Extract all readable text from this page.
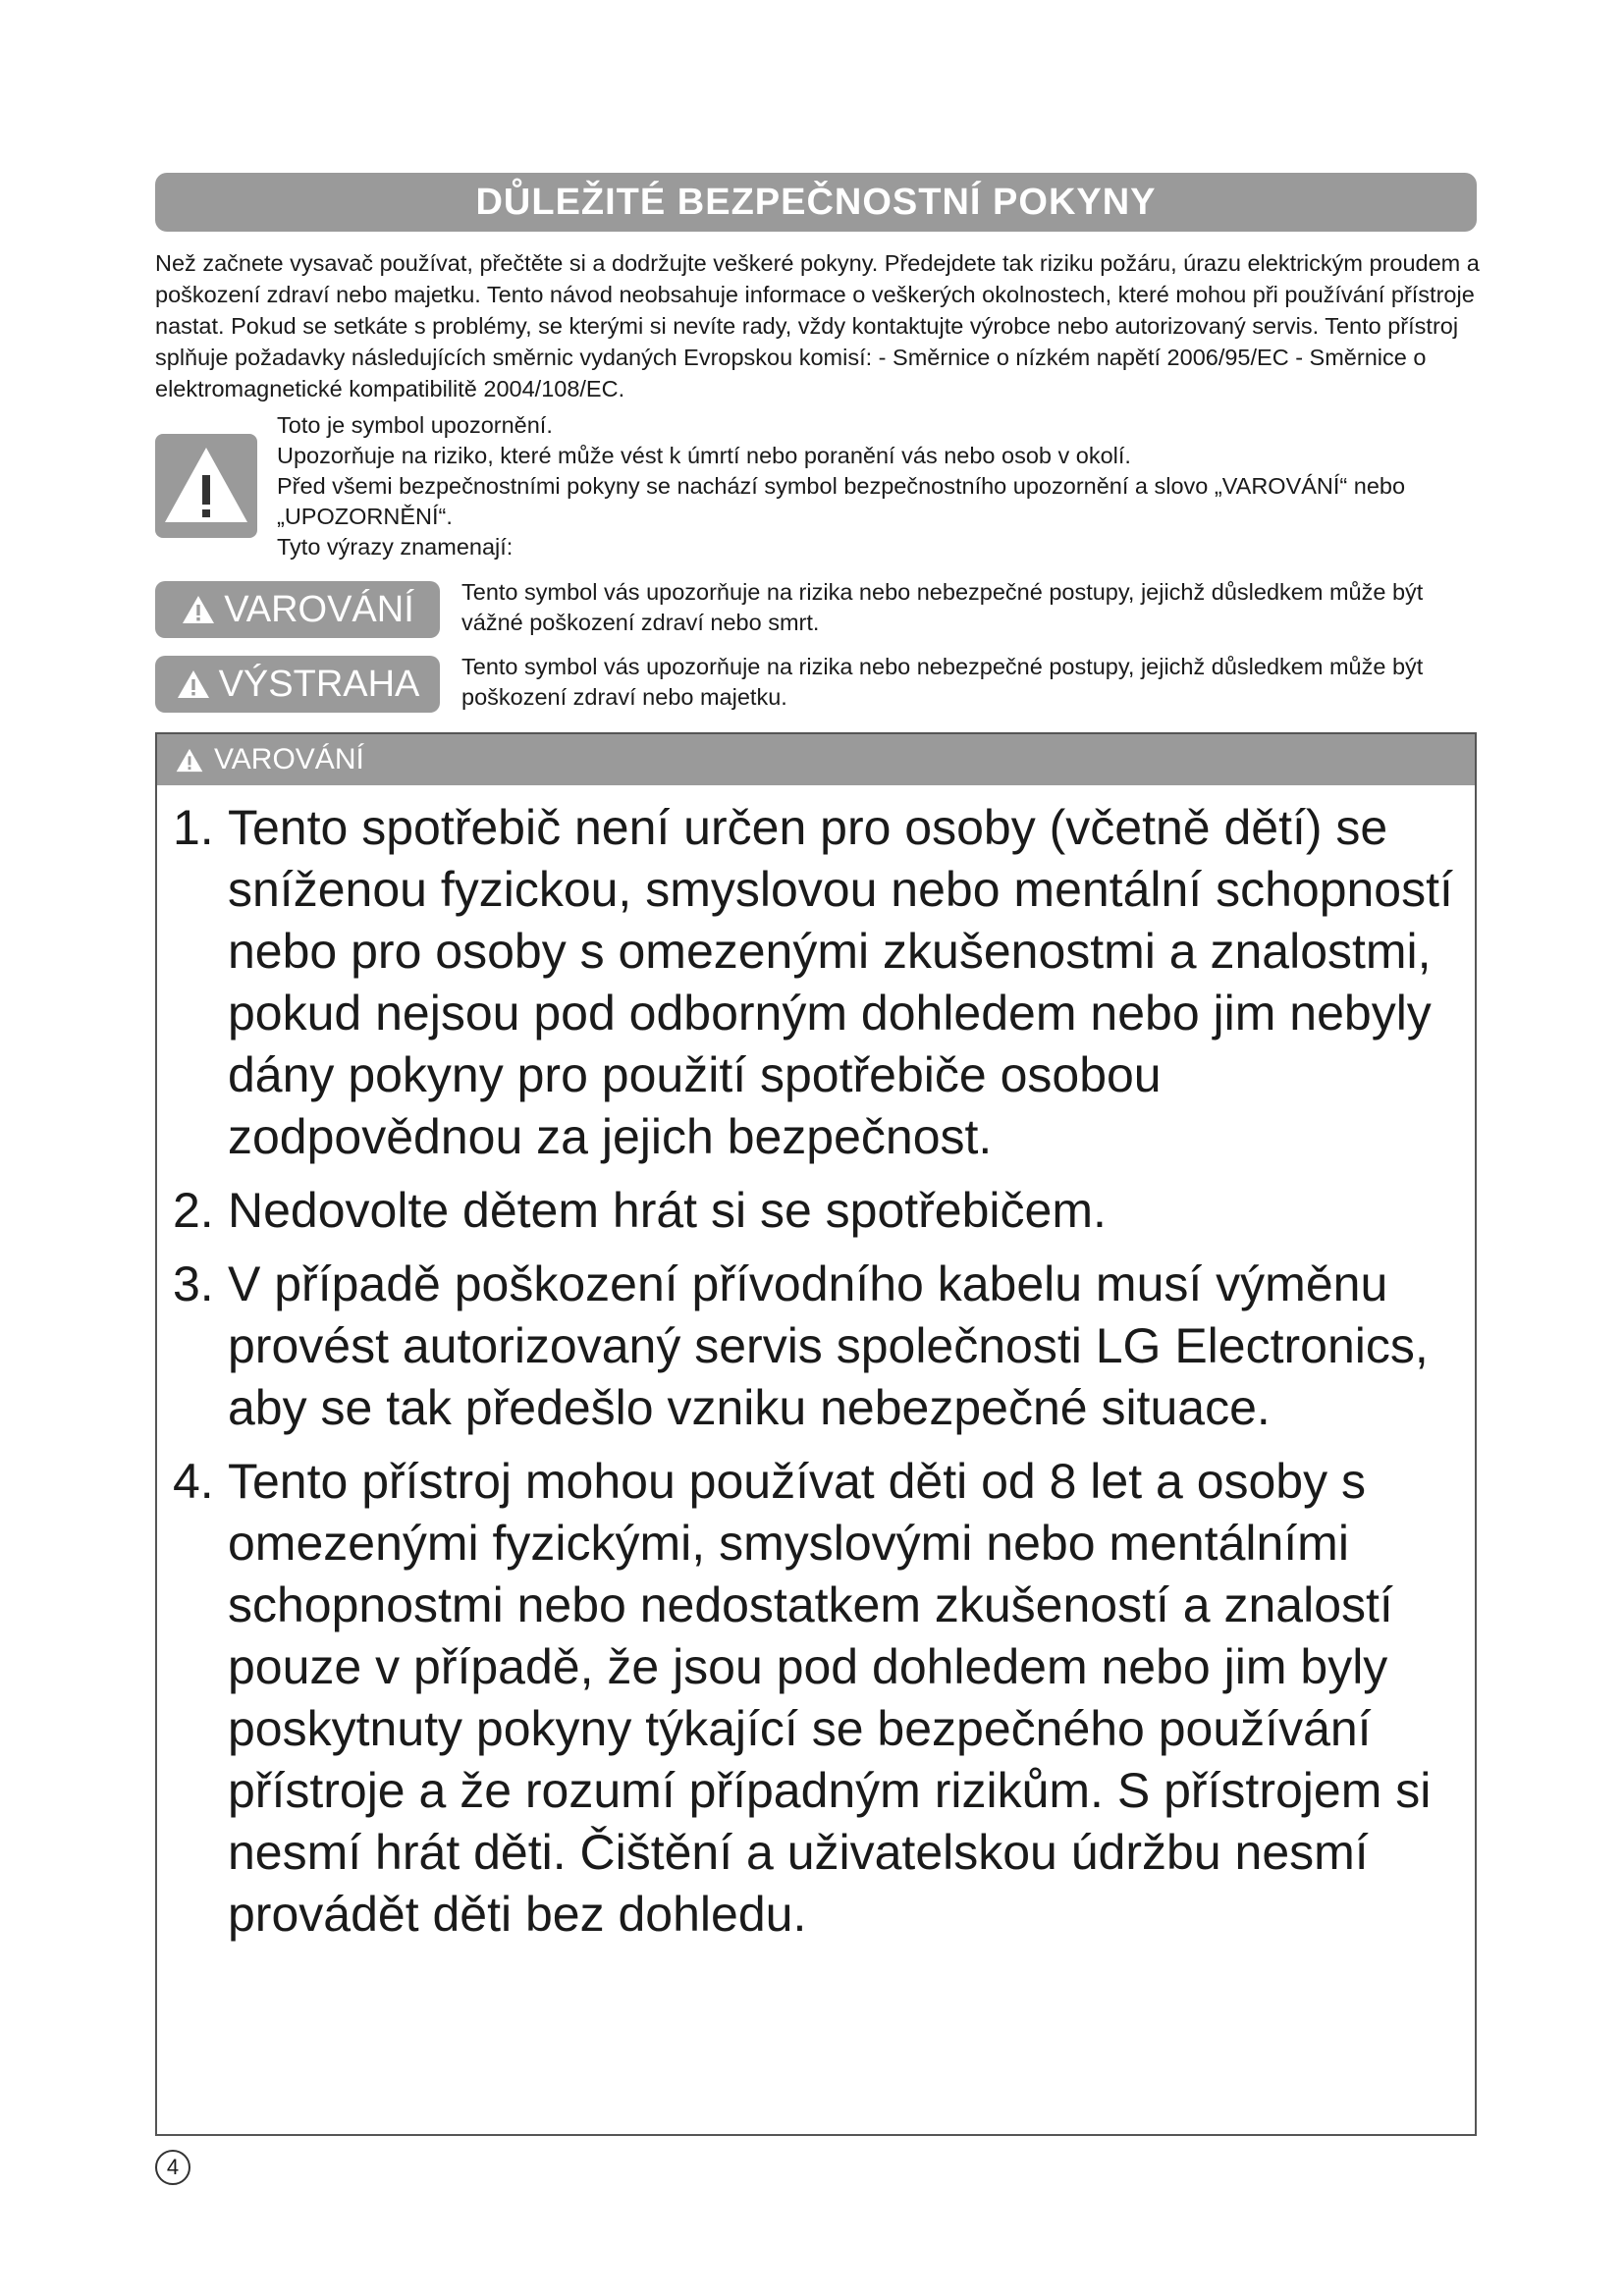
DŮLEŽITÉ BEZPEČNOSTNÍ POKYNY

Než začnete vysavač používat, přečtěte si a dodržujte veškeré pokyny. Předejdete tak riziku požáru, úrazu elektrickým proudem a poškození zdraví nebo majetku. Tento návod neobsahuje informace o veškerých okolnostech, které mohou při používání přístroje nastat. Pokud se setkáte s problémy, se kterými si nevíte rady, vždy kontaktujte výrobce nebo autorizovaný servis. Tento přístroj splňuje požadavky následujících směrnic vydaných Evropskou komisí: - Směrnice o nízkém napětí 2006/95/EC - Směrnice o elektromagnetické kompatibilitě 2004/108/EC.

Toto je symbol upozornění.
Upozorňuje na riziko, které může vést k úmrtí nebo poranění vás nebo osob v okolí.
Před všemi bezpečnostními pokyny se nachází symbol bezpečnostního upozornění a slovo „VAROVÁNÍ“ nebo „UPOZORNĚNÍ“.
Tyto výrazy znamenají:
VAROVÁNÍ Tento symbol vás upozorňuje na rizika nebo nebezpečné postupy, jejichž důsledkem může být vážné poškození zdraví nebo smrt.
VÝSTRAHA Tento symbol vás upozorňuje na rizika nebo nebezpečné postupy, jejichž důsledkem může být poškození zdraví nebo majetku.
VAROVÁNÍ
1. Tento spotřebič není určen pro osoby (včetně dětí) se sníženou fyzickou, smyslovou nebo mentální schopností nebo pro osoby s omezenými zkušenostmi a znalostmi, pokud nejsou pod odborným dohledem nebo jim nebyly dány pokyny pro použití spotřebiče osobou zodpovědnou za jejich bezpečnost.
2. Nedovolte dětem hrát si se spotřebičem.
3. V případě poškození přívodního kabelu musí výměnu provést autorizovaný servis společnosti LG Electronics, aby se tak předešlo vzniku nebezpečné situace.
4. Tento přístroj mohou používat děti od 8 let a osoby s omezenými fyzickými, smyslovými nebo mentálními schopnostmi nebo nedostatkem zkušeností a znalostí pouze v případě, že jsou pod dohledem nebo jim byly poskytnuty pokyny týkající se bezpečného používání přístroje a že rozumí případným rizikům. S přístrojem si nesmí hrát děti. Čištění a uživatelskou údržbu nesmí provádět děti bez dohledu.
4
